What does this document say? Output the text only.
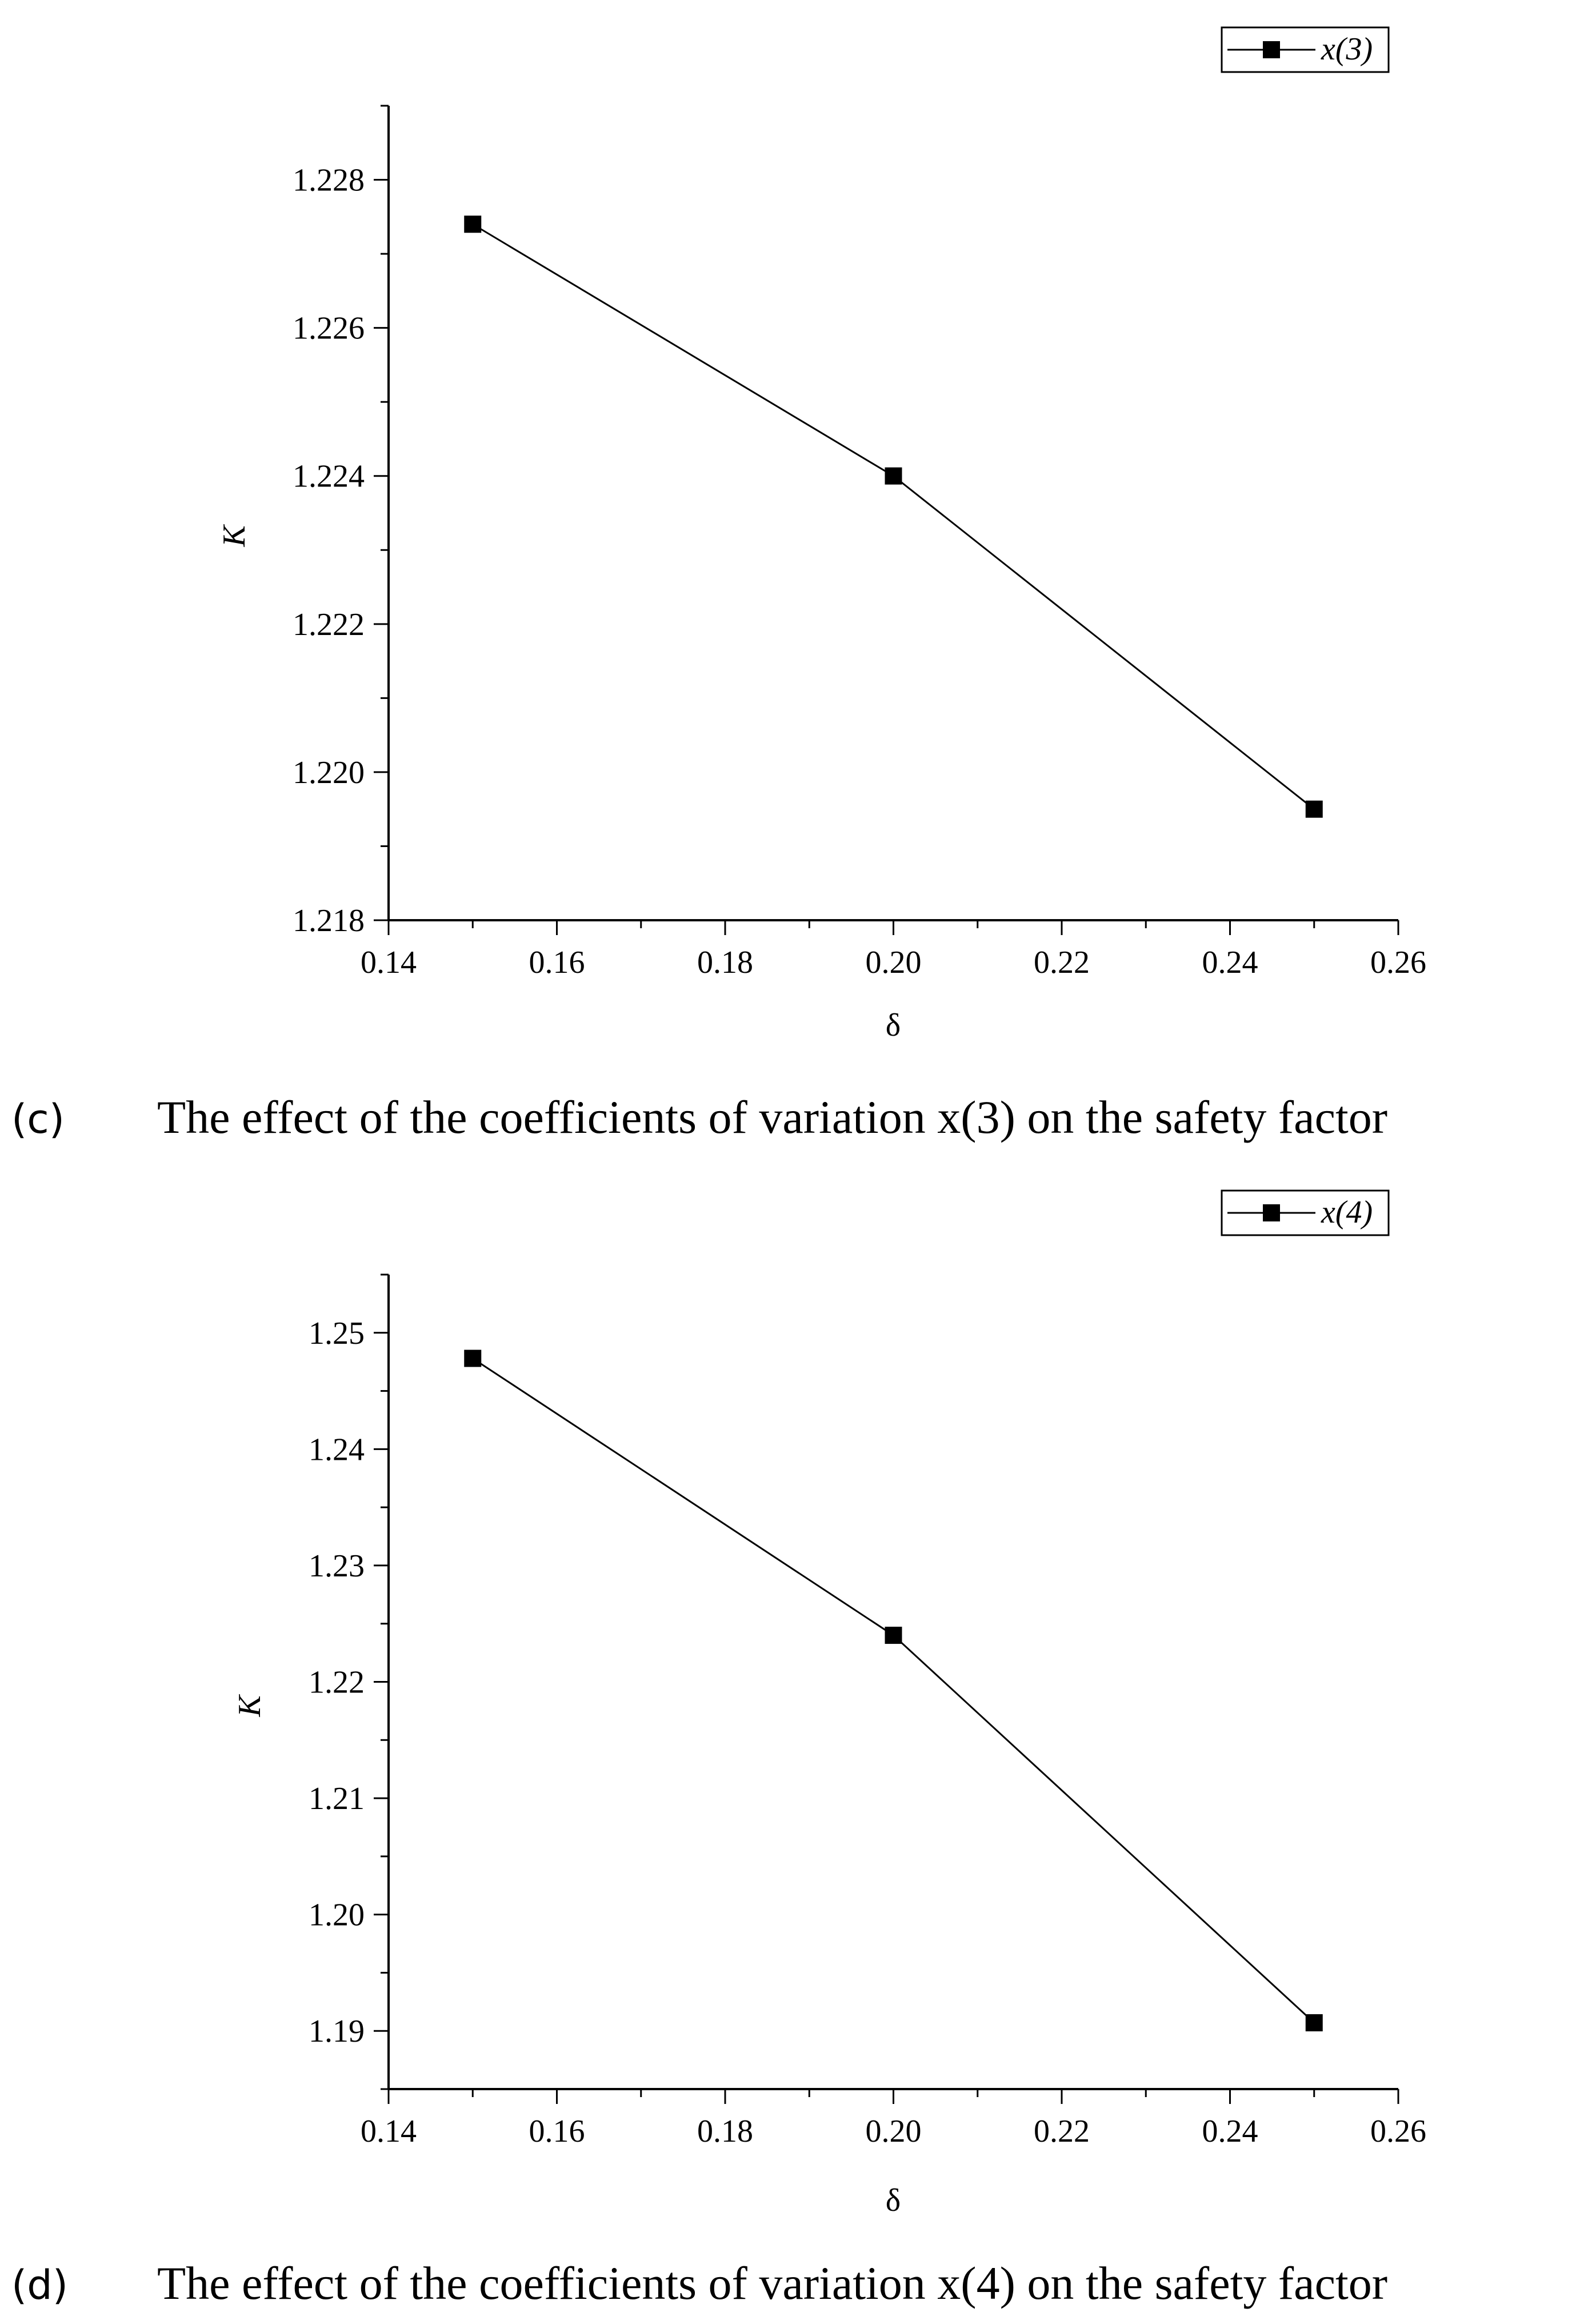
0.14	0.16	0.18	0.20	0.22	0.24	0.26
1.218
1.220
1.222
1.224
1.226
1.228
δ
K
x(3)
(c) The effect of the coefficients of variation x(3) on the safety factor
0.14	0.16	0.18	0.20	0.22	0.24	0.26
1.19
1.20
1.21
1.22
1.23
1.24
1.25
δ
K
x(4)
(d) The effect of the coefficients of variation x(4) on the safety factor
